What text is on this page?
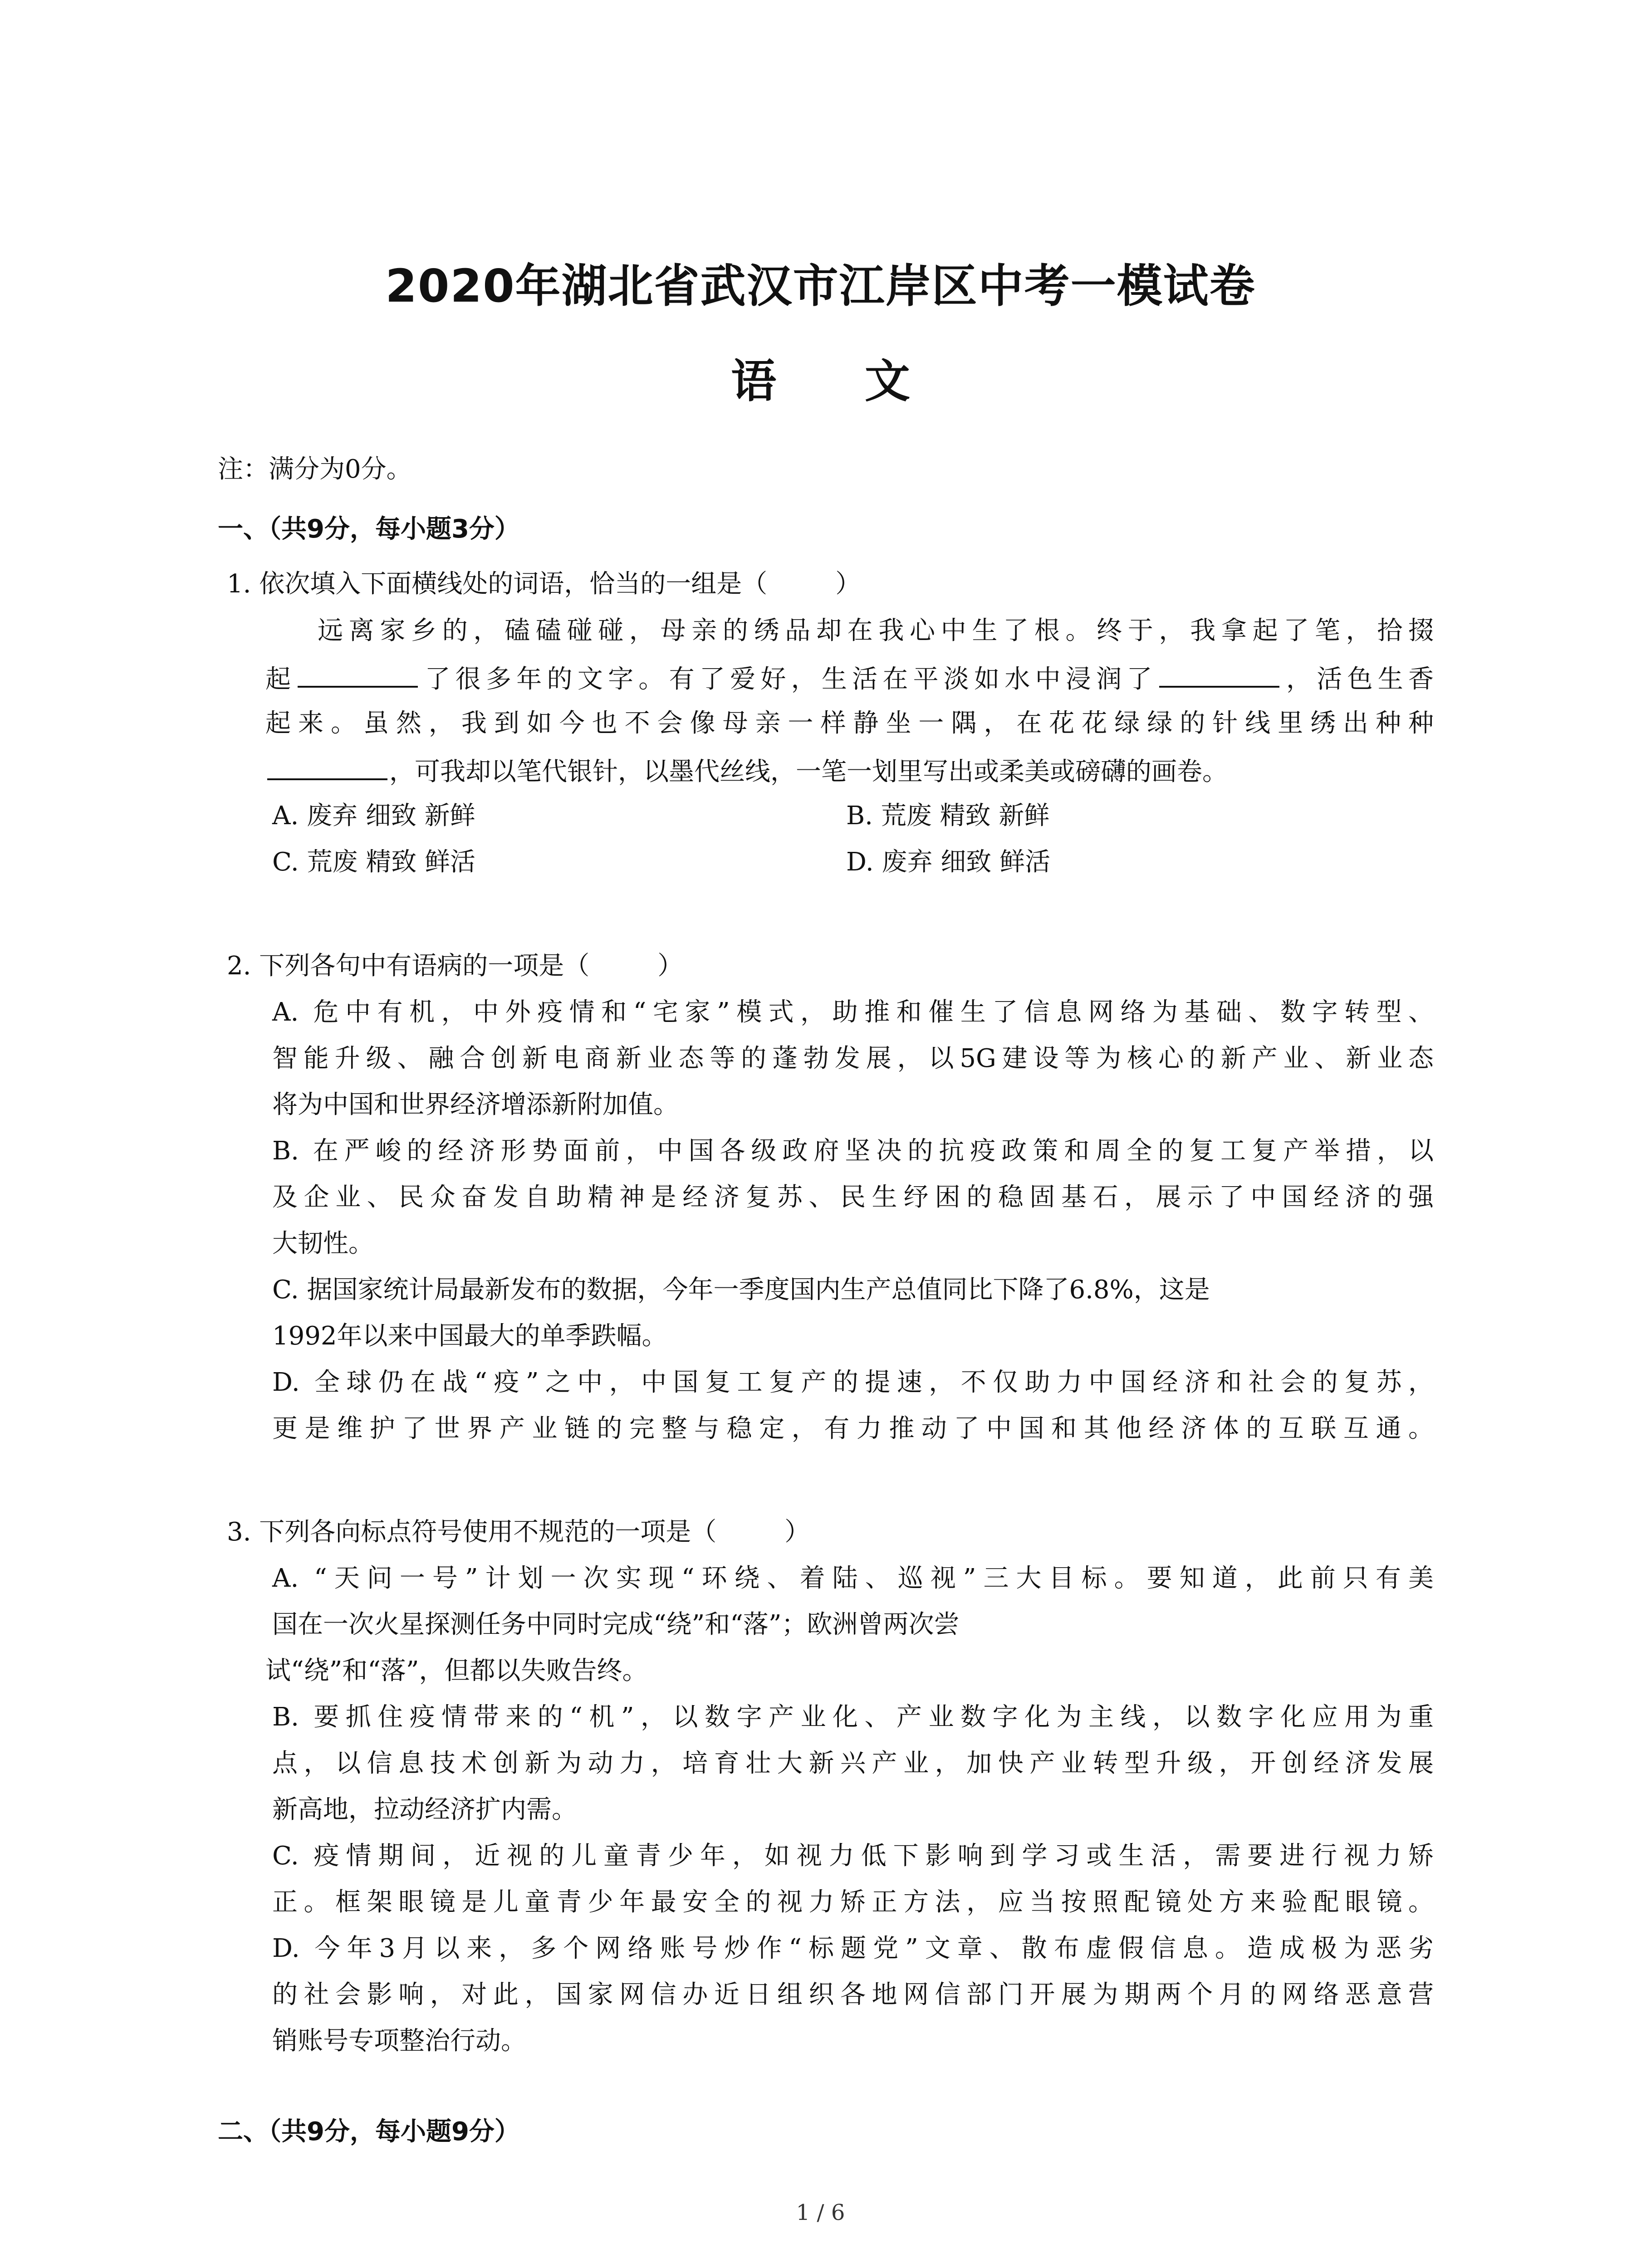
2020年湖北省武汉市江岸区中考一模试卷
语 文
注：满分为0分。
一、（共9分，每小题3分）
1. 依次填入下面横线处的词语，恰当的一组是（	）
远离家乡的，磕磕碰碰，母亲的绣品却在我心中生了根。终于，我拿起了笔，拾掇
起	了很多年的文字。有了爱好，生活在平淡如水中浸润了	，活色生香
起来。虽然，我到如今也不会像母亲一样静坐一隅，在花花绿绿的针线里绣出种种
，可我却以笔代银针，以墨代丝线，一笔一划里写出或柔美或磅礴的画卷。
A. 废弃 细致 新鲜	B. 荒废 精致 新鲜
C. 荒废 精致 鲜活	D. 废弃 细致 鲜活
2. 下列各句中有语病的一项是（	）
A. 危中有机，中外疫情和“宅家”模式，助推和催生了信息网络为基础、数字转型、
智能升级、融合创新电商新业态等的蓬勃发展，以5G建设等为核心的新产业、新业态
将为中国和世界经济增添新附加值。
B. 在严峻的经济形势面前，中国各级政府坚决的抗疫政策和周全的复工复产举措，以
及企业、民众奋发自助精神是经济复苏、民生纾困的稳固基石，展示了中国经济的强
大韧性。
C. 据国家统计局最新发布的数据，今年一季度国内生产总值同比下降了6.8%，这是
1992年以来中国最大的单季跌幅。
D. 全球仍在战“疫”之中，中国复工复产的提速，不仅助力中国经济和社会的复苏，
更是维护了世界产业链的完整与稳定，有力推动了中国和其他经济体的互联互通。
3. 下列各向标点符号使用不规范的一项是（	）
A. “天问一号”计划一次实现“环绕、着陆、巡视”三大目标。要知道，此前只有美
国在一次火星探测任务中同时完成“绕”和“落”；欧洲曾两次尝
试“绕”和“落”，但都以失败告终。
B. 要抓住疫情带来的“机”，以数字产业化、产业数字化为主线，以数字化应用为重
点，以信息技术创新为动力，培育壮大新兴产业，加快产业转型升级，开创经济发展
新高地，拉动经济扩内需。
C. 疫情期间，近视的儿童青少年，如视力低下影响到学习或生活，需要进行视力矫
正。框架眼镜是儿童青少年最安全的视力矫正方法，应当按照配镜处方来验配眼镜。
D. 今年3月以来，多个网络账号炒作“标题党”文章、散布虚假信息。造成极为恶劣
的社会影响，对此，国家网信办近日组织各地网信部门开展为期两个月的网络恶意营
销账号专项整治行动。
二、（共9分，每小题9分）
1 / 6
